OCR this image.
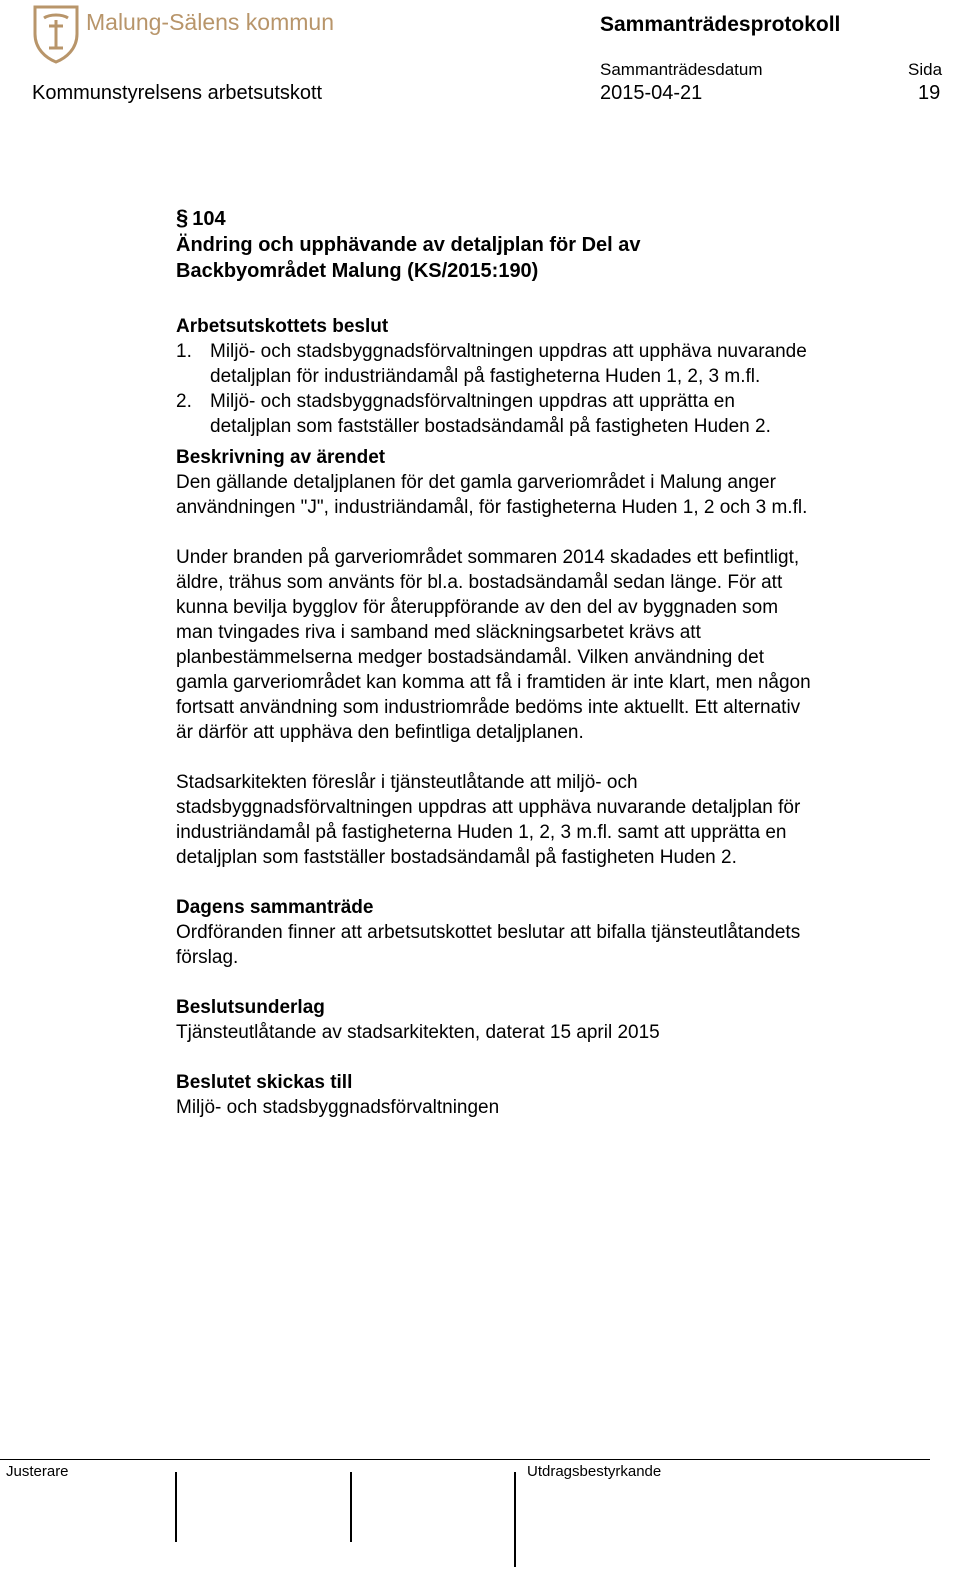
Malung-Sälens kommun	Sammanträdesprotokoll
Sammanträdesdatum	Sida
Kommunstyrelsens arbetsutskott	2015-04-21	19
§ 104
Ändring och upphävande av detaljplan för Del av
Backbyområdet Malung (KS/2015:190)
Arbetsutskottets beslut
1. Miljö- och stadsbyggnadsförvaltningen uppdras att upphäva nuvarande
detaljplan för industriändamål på fastigheterna Huden 1, 2, 3 m.fl.
2. Miljö- och stadsbyggnadsförvaltningen uppdras att upprätta en
detaljplan som fastställer bostadsändamål på fastigheten Huden 2.
Beskrivning av ärendet

Den gällande detaljplanen för det gamla garveriområdet i Malung anger

användningen "J", industriändamål, för fastigheterna Huden 1, 2 och 3 m.fl.

Under branden på garveriområdet sommaren 2014 skadades ett befintligt,

äldre, trähus som använts för bl.a. bostadsändamål sedan länge. För att

kunna bevilja bygglov för återuppförande av den del av byggnaden som

man tvingades riva i samband med släckningsarbetet krävs att

planbestämmelserna medger bostadsändamål. Vilken användning det

gamla garveriområdet kan komma att få i framtiden är inte klart, men någon

fortsatt användning som industriområde bedöms inte aktuellt. Ett alternativ

är därför att upphäva den befintliga detaljplanen.

Stadsarkitekten föreslår i tjänsteutlåtande att miljö- och

stadsbyggnadsförvaltningen uppdras att upphäva nuvarande detaljplan för

industriändamål på fastigheterna Huden 1, 2, 3 m.fl. samt att upprätta en

detaljplan som fastställer bostadsändamål på fastigheten Huden 2.

Dagens sammanträde

Ordföranden finner att arbetsutskottet beslutar att bifalla tjänsteutlåtandets

förslag.

Beslutsunderlag

Tjänsteutlåtande av stadsarkitekten, daterat 15 april 2015

Beslutet skickas till

Miljö- och stadsbyggnadsförvaltningen

Justerare	Utdragsbestyrkande
